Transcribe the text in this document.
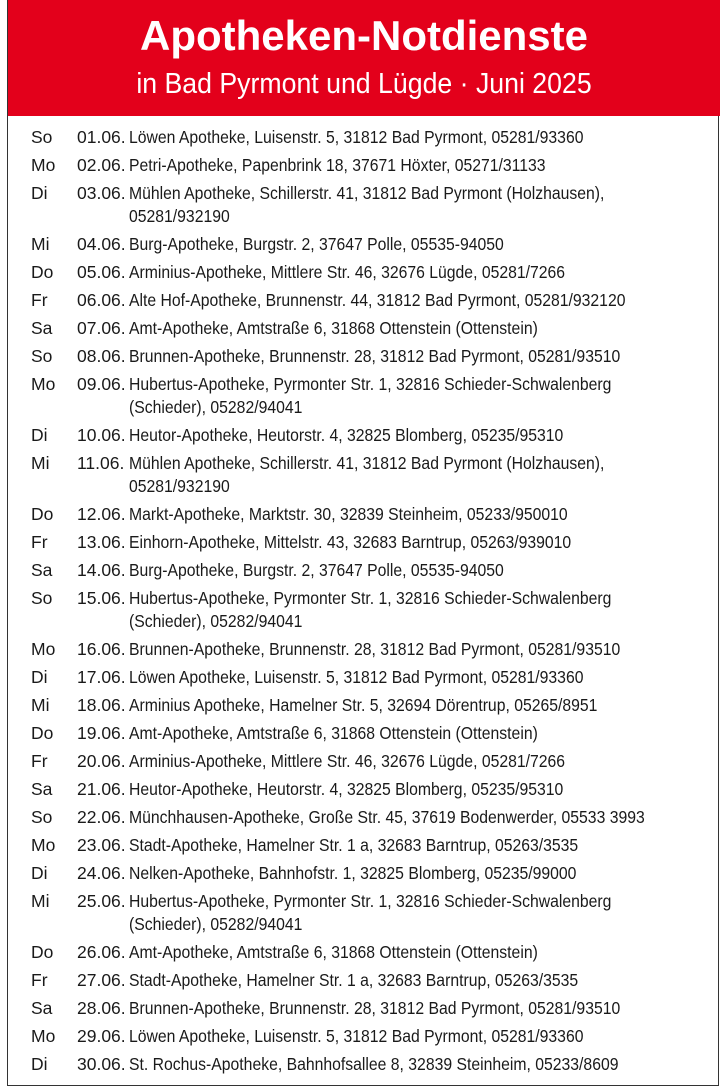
Apotheken-Notdienste
in Bad Pyrmont und Lügde · Juni 2025
So	01.06. Löwen Apotheke, Luisenstr. 5, 31812 Bad Pyrmont, 05281/93360
Mo	02.06. Petri-Apotheke, Papenbrink 18, 37671 Höxter, 05271/31133
Di	03.06. Mühlen Apotheke, Schillerstr. 41, 31812 Bad Pyrmont (Holzhausen),
05281/932190
Mi	04.06. Burg-Apotheke, Burgstr. 2, 37647 Polle, 05535-94050
Do	05.06. Arminius-Apotheke, Mittlere Str. 46, 32676 Lügde, 05281/7266
Fr	06.06. Alte Hof-Apotheke, Brunnenstr. 44, 31812 Bad Pyrmont, 05281/932120
Sa	07.06. Amt-Apotheke, Amtstraße 6, 31868 Ottenstein (Ottenstein)
So	08.06. Brunnen-Apotheke, Brunnenstr. 28, 31812 Bad Pyrmont, 05281/93510
Mo	09.06. Hubertus-Apotheke, Pyrmonter Str. 1, 32816 Schieder-Schwalenberg
(Schieder), 05282/94041
Di	10.06. Heutor-Apotheke, Heutorstr. 4, 32825 Blomberg, 05235/95310
Mi	11.06. Mühlen Apotheke, Schillerstr. 41, 31812 Bad Pyrmont (Holzhausen),
05281/932190
Do	12.06. Markt-Apotheke, Marktstr. 30, 32839 Steinheim, 05233/950010
Fr	13.06. Einhorn-Apotheke, Mittelstr. 43, 32683 Barntrup, 05263/939010
Sa	14.06. Burg-Apotheke, Burgstr. 2, 37647 Polle, 05535-94050
So	15.06. Hubertus-Apotheke, Pyrmonter Str. 1, 32816 Schieder-Schwalenberg
(Schieder), 05282/94041
Mo	16.06. Brunnen-Apotheke, Brunnenstr. 28, 31812 Bad Pyrmont, 05281/93510
Di	17.06. Löwen Apotheke, Luisenstr. 5, 31812 Bad Pyrmont, 05281/93360
Mi	18.06. Arminius Apotheke, Hamelner Str. 5, 32694 Dörentrup, 05265/8951
Do	19.06. Amt-Apotheke, Amtstraße 6, 31868 Ottenstein (Ottenstein)
Fr	20.06. Arminius-Apotheke, Mittlere Str. 46, 32676 Lügde, 05281/7266
Sa	21.06. Heutor-Apotheke, Heutorstr. 4, 32825 Blomberg, 05235/95310
So	22.06. Münchhausen-Apotheke, Große Str. 45, 37619 Bodenwerder, 05533 3993
Mo	23.06. Stadt-Apotheke, Hamelner Str. 1 a, 32683 Barntrup, 05263/3535
Di	24.06. Nelken-Apotheke, Bahnhofstr. 1, 32825 Blomberg, 05235/99000
Mi	25.06. Hubertus-Apotheke, Pyrmonter Str. 1, 32816 Schieder-Schwalenberg
(Schieder), 05282/94041
Do	26.06. Amt-Apotheke, Amtstraße 6, 31868 Ottenstein (Ottenstein)
Fr	27.06. Stadt-Apotheke, Hamelner Str. 1 a, 32683 Barntrup, 05263/3535
Sa	28.06. Brunnen-Apotheke, Brunnenstr. 28, 31812 Bad Pyrmont, 05281/93510
Mo	29.06. Löwen Apotheke, Luisenstr. 5, 31812 Bad Pyrmont, 05281/93360
Di	30.06. St. Rochus-Apotheke, Bahnhofsallee 8, 32839 Steinheim, 05233/8609
